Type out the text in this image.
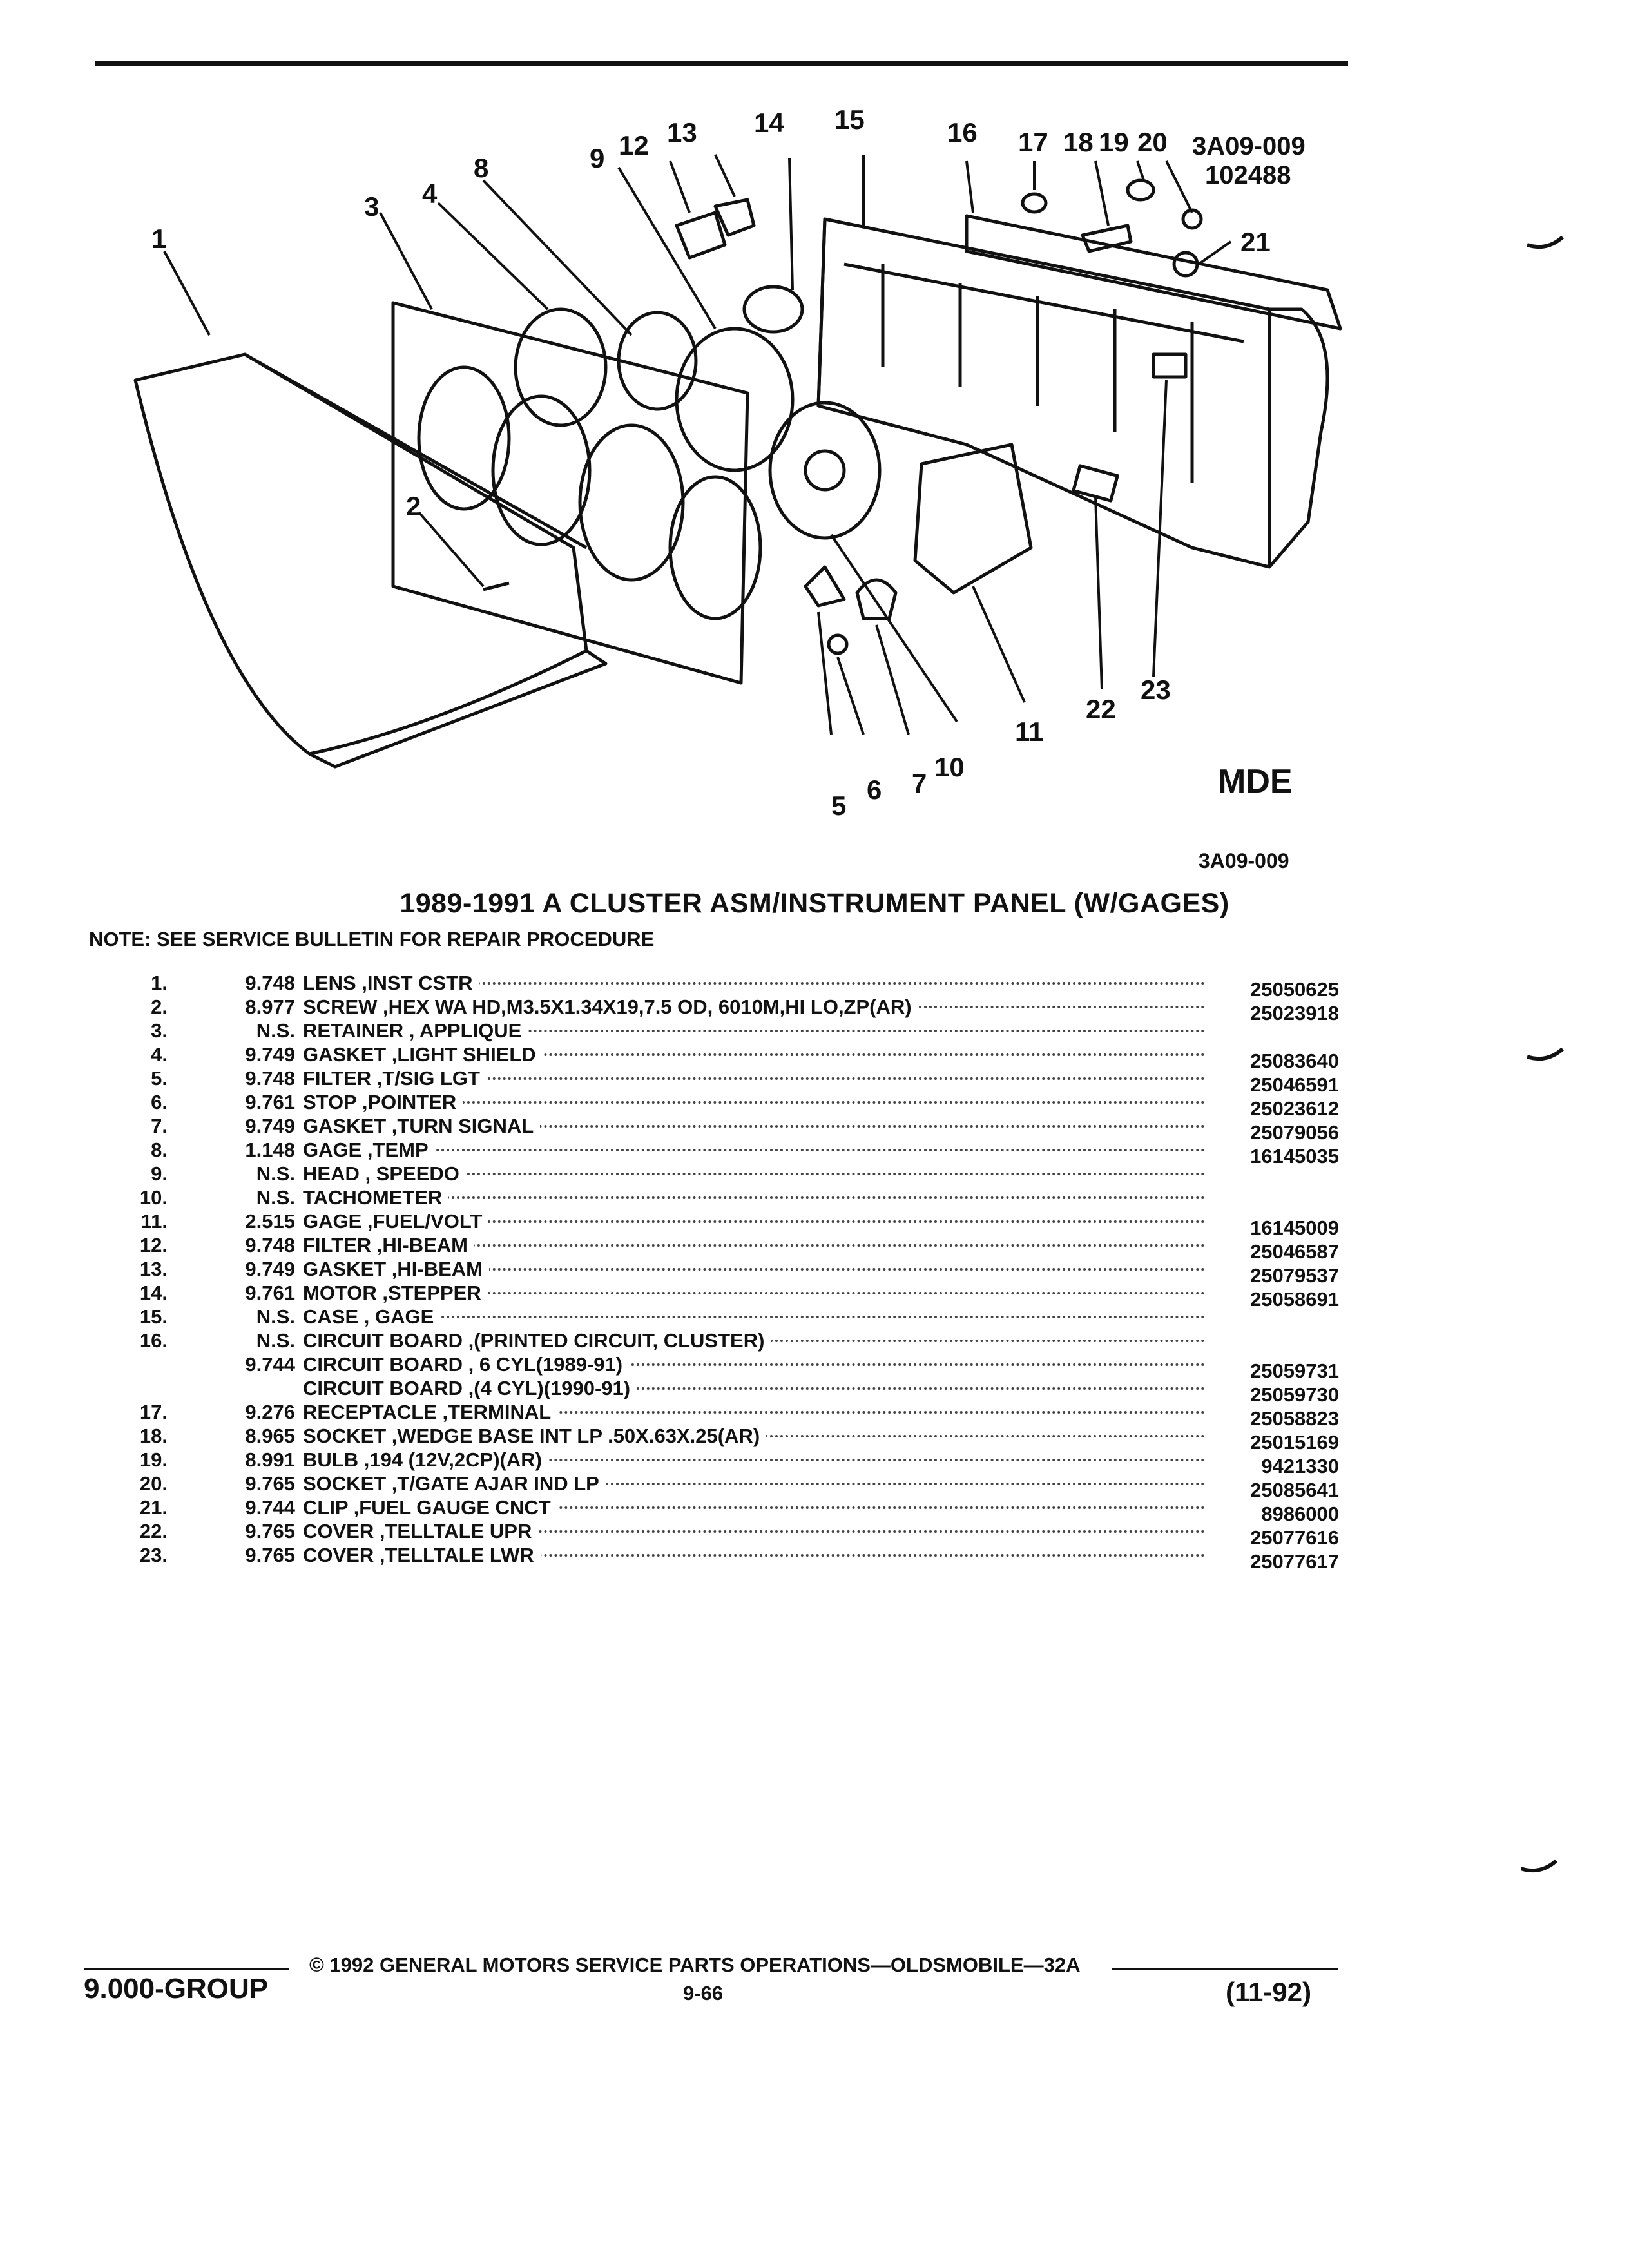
1
2
3
5
6 7
10
11
22
23
4
8	9 12 13 14 15	16 17 18 19 20
21
3A09-009
102488
MDE
3A09-009
1989-1991 A CLUSTER ASM/INSTRUMENT PANEL (W/GAGES)
NOTE: SEE SERVICE BULLETIN FOR REPAIR PROCEDURE
1.	9.748 LENS ,INST CSTR	25050625
2.	8.977 SCREW ,HEX WA HD,M3.5X1.34X19,7.5 OD, 6010M,HI LO,ZP(AR)	25023918
3.	N.S. RETAINER , APPLIQUE
4.	9.749 GASKET ,LIGHT SHIELD	25083640
5.	9.748 FILTER ,T/SIG LGT	25046591
6.	9.761 STOP ,POINTER	25023612
7.	9.749 GASKET ,TURN SIGNAL	25079056
8.	1.148 GAGE ,TEMP	16145035
9.	N.S. HEAD , SPEEDO
10.	N.S. TACHOMETER
11.	2.515 GAGE ,FUEL/VOLT	16145009
12.	9.748 FILTER ,HI-BEAM	25046587
13.	9.749 GASKET ,HI-BEAM	25079537
14.	9.761 MOTOR ,STEPPER	25058691
15.	N.S. CASE , GAGE
16.	N.S. CIRCUIT BOARD ,(PRINTED CIRCUIT, CLUSTER)
9.744 CIRCUIT BOARD , 6 CYL(1989-91)	25059731
CIRCUIT BOARD ,(4 CYL)(1990-91)	25059730
17.	9.276 RECEPTACLE ,TERMINAL	25058823
18.	8.965 SOCKET ,WEDGE BASE INT LP .50X.63X.25(AR)	25015169
19.	8.991 BULB ,194 (12V,2CP)(AR)	9421330
20.	9.765 SOCKET ,T/GATE AJAR IND LP	25085641
21.	9.744 CLIP ,FUEL GAUGE CNCT	8986000
22.	9.765 COVER ,TELLTALE UPR	25077616
23.	9.765 COVER ,TELLTALE LWR	25077617
9.000-GROUP
© 1992 GENERAL MOTORS SERVICE PARTS OPERATIONS—OLDSMOBILE—32A
9-66	(11-92)
